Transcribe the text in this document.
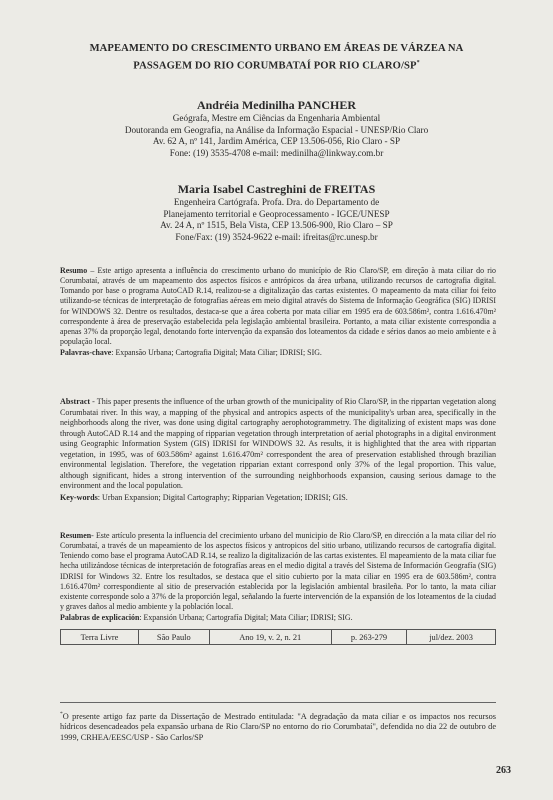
MAPEAMENTO DO CRESCIMENTO URBANO EM ÁREAS DE VÁRZEA NA
PASSAGEM DO RIO CORUMBATAÍ POR RIO CLARO/SP*
Andréia Medinilha PANCHER
Geógrafa, Mestre em Ciências da Engenharia Ambiental
Doutoranda em Geografia, na Análise da Informação Espacial - UNESP/Rio Claro
Av. 62 A, nº 141, Jardim América, CEP 13.506-056, Rio Claro - SP
Fone: (19) 3535-4708 e-mail: medinilha@linkway.com.br
Maria Isabel Castreghini de FREITAS
Engenheira Cartógrafa. Profa. Dra. do Departamento de
Planejamento territorial e Geoprocessamento - IGCE/UNESP
Av. 24 A, nº 1515, Bela Vista, CEP 13.506-900, Rio Claro – SP
Fone/Fax: (19) 3524-9622 e-mail: ifreitas@rc.unesp.br
Resumo – Este artigo apresenta a influência do crescimento urbano do município de Rio Claro/SP, em direção à mata ciliar do rio Corumbataí, através de um mapeamento dos aspectos físicos e antrópicos da área urbana, utilizando recursos de cartografia digital. Tomando por base o programa AutoCAD R.14, realizou-se a digitalização das cartas existentes. O mapeamento da mata ciliar foi feito utilizando-se técnicas de interpretação de fotografias aéreas em meio digital através do Sistema de Informação Geográfica (SIG) IDRISI for WINDOWS 32. Dentre os resultados, destaca-se que a área coberta por mata ciliar em 1995 era de 603.586m², contra 1.616.470m² correspondente à área de preservação estabelecida pela legislação ambiental brasileira. Portanto, a mata ciliar existente correspondia a apenas 37% da proporção legal, denotando forte intervenção da expansão dos loteamentos da cidade e sérios danos ao meio ambiente e à população local.
Palavras-chave: Expansão Urbana; Cartografia Digital; Mata Ciliar; IDRISI; SIG.
Abstract - This paper presents the influence of the urban growth of the municipality of Rio Claro/SP, in the rippartan vegetation along Corumbatai river. In this way, a mapping of the physical and antropics aspects of the municipality's urban area, specifically in the neighborhoods along the river, was done using digital cartography aerophotogrammetry. The digitalizing of existent maps was done through AutoCAD R.14 and the mapping of ripparian vegetation through interpretation of aerial photographs in a digital environment using Geographic Information System (GIS) IDRISI for WINDOWS 32. As results, it is highlighted that the area with rippartan vegetation, in 1995, was of 603.586m² against 1.616.470m² correspondent the area of preservation established through brazilian environmental legislation. Therefore, the vegetation ripparian extant correspond only 37% of the legal proportion. This value, although significant, hides a strong intervention of the surrounding neighborhoods expansion, causing serious damage to the environment and the local population.
Key-words: Urban Expansion; Digital Cartography; Ripparian Vegetation; IDRISI; GIS.
Resumen- Este artículo presenta la influencia del crecimiento urbano del municipio de Rio Claro/SP, en dirección a la mata ciliar del río Corumbataí, a través de un mapeamiento de los aspectos físicos y antropicos del sitio urbano, utilizando recursos de cartografía digital. Teniendo como base el programa AutoCAD R.14, se realizo la digitalización de las cartas existentes. El mapeamiento de la mata ciliar fue hecha utilizándose técnicas de interpretación de fotografías areas en el medio digital a través del Sistema de Información Geografía (SIG) IDRISI for Windows 32. Entre los resultados, se destaca que el sitio cubierto por la mata ciliar en 1995 era de 603.586m², contra 1.616.470m² correspondiente al sitio de preservación establecida por la legislación ambiental brasileña. Por lo tanto, la mata ciliar existente corresponde solo a 37% de la proporción legal, señalando la fuerte intervención de la expansión de los loteamentos de la ciudad y graves daños al medio ambiente y la población local.
Palabras de explicación: Expansión Urbana; Cartografía Digital; Mata Ciliar; IDRISI; SIG.
Terra Livre	São Paulo	Ano 19, v. 2, n. 21	p. 263-279	jul/dez. 2003
*O presente artigo faz parte da Dissertação de Mestrado entitulada: "A degradação da mata ciliar e os impactos nos recursos hídricos desencadeados pela expansão urbana de Rio Claro/SP no entorno do rio Corumbataí", defendida no dia 22 de outubro de 1999, CRHEA/EESC/USP - São Carlos/SP
263
